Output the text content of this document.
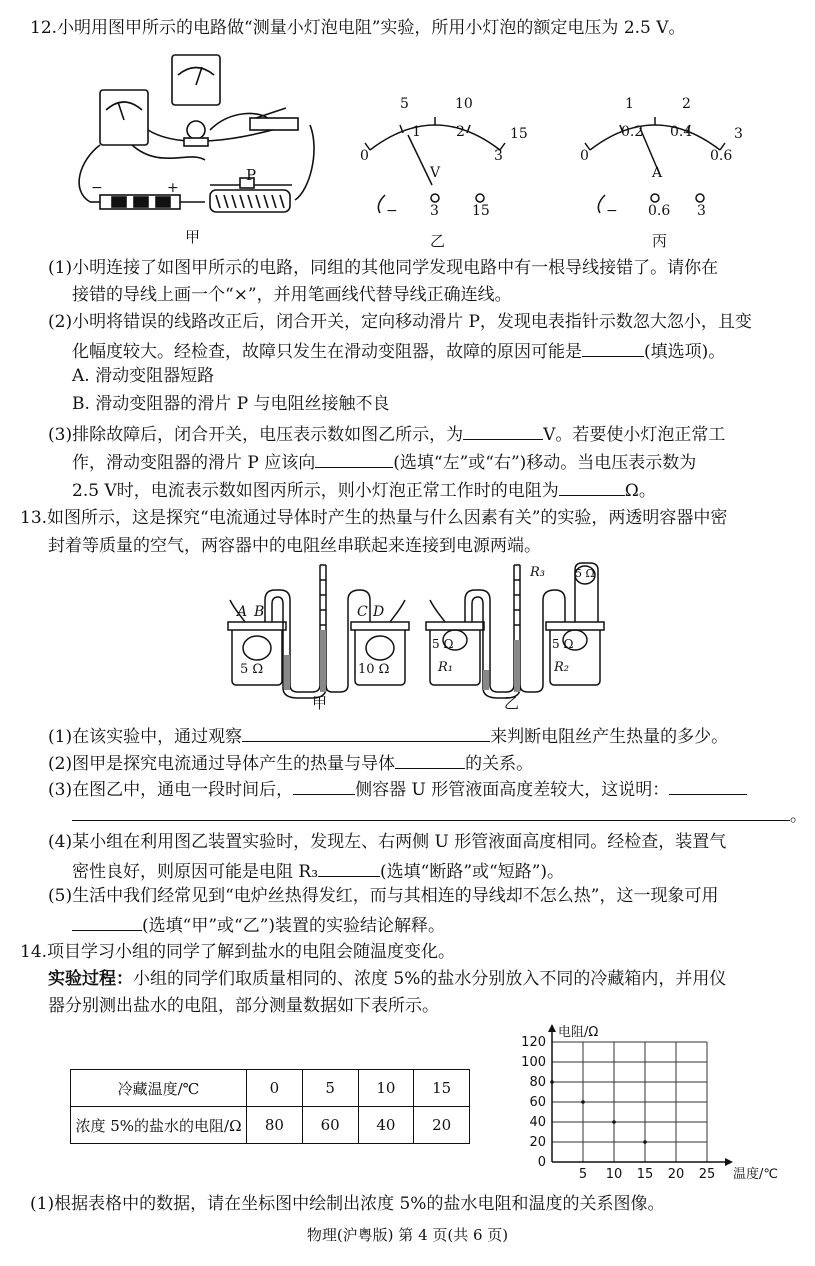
12.小明用图甲所示的电路做“测量小灯泡电阻”实验，所用小灯泡的额定电压为 2.5 V。
−	+
P
甲
0
1	2
3
5	10
15
V
− 3 15
乙
0
0.2 0.4
0.6
1	2
3
A
− 0.6 3
丙
(1)小明连接了如图甲所示的电路，同组的其他同学发现电路中有一根导线接错了。请你在
接错的导线上画一个“×”，并用笔画线代替导线正确连线。
(2)小明将错误的线路改正后，闭合开关，定向移动滑片 P，发现电表指针示数忽大忽小，且变
化幅度较大。经检查，故障只发生在滑动变阻器，故障的原因可能是	(填选项)。
A. 滑动变阻器短路
B. 滑动变阻器的滑片 P 与电阻丝接触不良
(3)排除故障后，闭合开关，电压表示数如图乙所示，为	V。若要使小灯泡正常工
作，滑动变阻器的滑片 P 应该向	(选填“左”或“右”)移动。当电压表示数为
2.5 V时，电流表示数如图丙所示，则小灯泡正常工作时的电阻为	Ω。
13.如图所示，这是探究“电流通过导体时产生的热量与什么因素有关”的实验，两透明容器中密
封着等质量的空气，两容器中的电阻丝串联起来连接到电源两端。
A B	C D
5 Ω	10 Ω
甲
5 Ω
R₁
5 Ω
R₂
R₃	5 Ω
乙
(1)在该实验中，通过观察	来判断电阻丝产生热量的多少。
(2)图甲是探究电流通过导体产生的热量与导体	的关系。
(3)在图乙中，通电一段时间后，	侧容器 U 形管液面高度差较大，这说明：
。
(4)某小组在利用图乙装置实验时，发现左、右两侧 U 形管液面高度相同。经检查，装置气
密性良好，则原因可能是电阻 R₃	(选填“断路”或“短路”)。
(5)生活中我们经常见到“电炉丝热得发红，而与其相连的导线却不怎么热”，这一现象可用
(选填“甲”或“乙”)装置的实验结论解释。
14.项目学习小组的同学了解到盐水的电阻会随温度变化。
实验过程：小组的同学们取质量相同的、浓度 5%的盐水分别放入不同的冷藏箱内，并用仪
器分别测出盐水的电阻，部分测量数据如下表所示。
冷藏温度/℃	0	5	10	15
浓度 5%的盐水的电阻/Ω	80	60	40	20
5 10 15 20 25
0
20
40
60
80
100
120
温度/℃
电阻/Ω
(1)根据表格中的数据，请在坐标图中绘制出浓度 5%的盐水电阻和温度的关系图像。
物理(沪粤版) 第 4 页(共 6 页)
